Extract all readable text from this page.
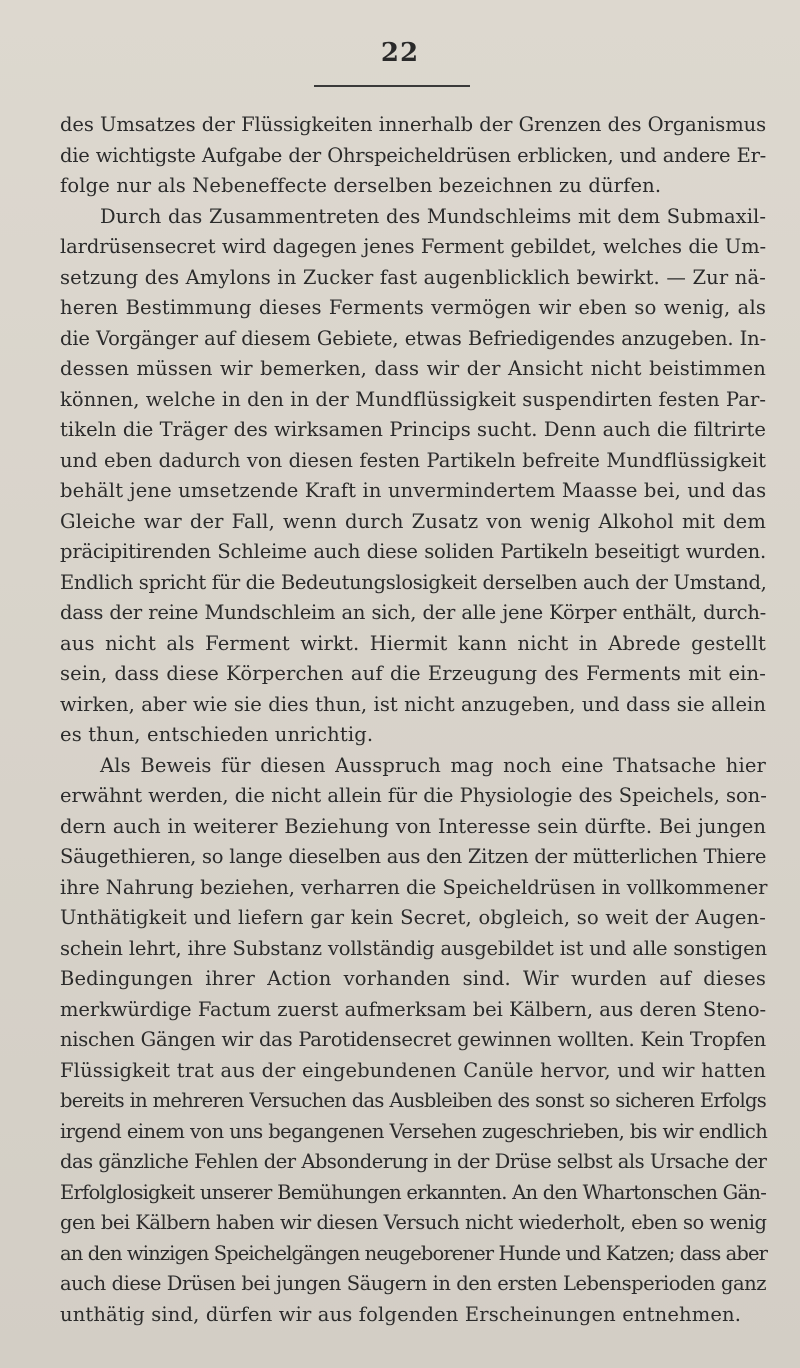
22
des Umsatzes der Flüssigkeiten innerhalb der Grenzen des Organismus
die wichtigste Aufgabe der Ohrspeicheldrüsen erblicken, und andere Er-
folge nur als Nebeneffecte derselben bezeichnen zu dürfen.
Durch das Zusammentreten des Mundschleims mit dem Submaxil-
lardrüsensecret wird dagegen jenes Ferment gebildet, welches die Um-
setzung des Amylons in Zucker fast augenblicklich bewirkt. — Zur nä-
heren Bestimmung dieses Ferments vermögen wir eben so wenig, als
die Vorgänger auf diesem Gebiete, etwas Befriedigendes anzugeben. In-
dessen müssen wir bemerken, dass wir der Ansicht nicht beistimmen
können, welche in den in der Mundflüssigkeit suspendirten festen Par-
tikeln die Träger des wirksamen Princips sucht. Denn auch die filtrirte
und eben dadurch von diesen festen Partikeln befreite Mundflüssigkeit
behält jene umsetzende Kraft in unvermindertem Maasse bei, und das
Gleiche war der Fall, wenn durch Zusatz von wenig Alkohol mit dem
präcipitirenden Schleime auch diese soliden Partikeln beseitigt wurden.
Endlich spricht für die Bedeutungslosigkeit derselben auch der Umstand,
dass der reine Mundschleim an sich, der alle jene Körper enthält, durch-
aus nicht als Ferment wirkt. Hiermit kann nicht in Abrede gestellt
sein, dass diese Körperchen auf die Erzeugung des Ferments mit ein-
wirken, aber wie sie dies thun, ist nicht anzugeben, und dass sie allein
es thun, entschieden unrichtig.
Als Beweis für diesen Ausspruch mag noch eine Thatsache hier
erwähnt werden, die nicht allein für die Physiologie des Speichels, son-
dern auch in weiterer Beziehung von Interesse sein dürfte. Bei jungen
Säugethieren, so lange dieselben aus den Zitzen der mütterlichen Thiere
ihre Nahrung beziehen, verharren die Speicheldrüsen in vollkommener
Unthätigkeit und liefern gar kein Secret, obgleich, so weit der Augen-
schein lehrt, ihre Substanz vollständig ausgebildet ist und alle sonstigen
Bedingungen ihrer Action vorhanden sind. Wir wurden auf dieses
merkwürdige Factum zuerst aufmerksam bei Kälbern, aus deren Steno-
nischen Gängen wir das Parotidensecret gewinnen wollten. Kein Tropfen
Flüssigkeit trat aus der eingebundenen Canüle hervor, und wir hatten
bereits in mehreren Versuchen das Ausbleiben des sonst so sicheren Erfolgs
irgend einem von uns begangenen Versehen zugeschrieben, bis wir endlich
das gänzliche Fehlen der Absonderung in der Drüse selbst als Ursache der
Erfolglosigkeit unserer Bemühungen erkannten. An den Whartonschen Gän-
gen bei Kälbern haben wir diesen Versuch nicht wiederholt, eben so wenig
an den winzigen Speichelgängen neugeborener Hunde und Katzen; dass aber
auch diese Drüsen bei jungen Säugern in den ersten Lebensperioden ganz
unthätig sind, dürfen wir aus folgenden Erscheinungen entnehmen.
